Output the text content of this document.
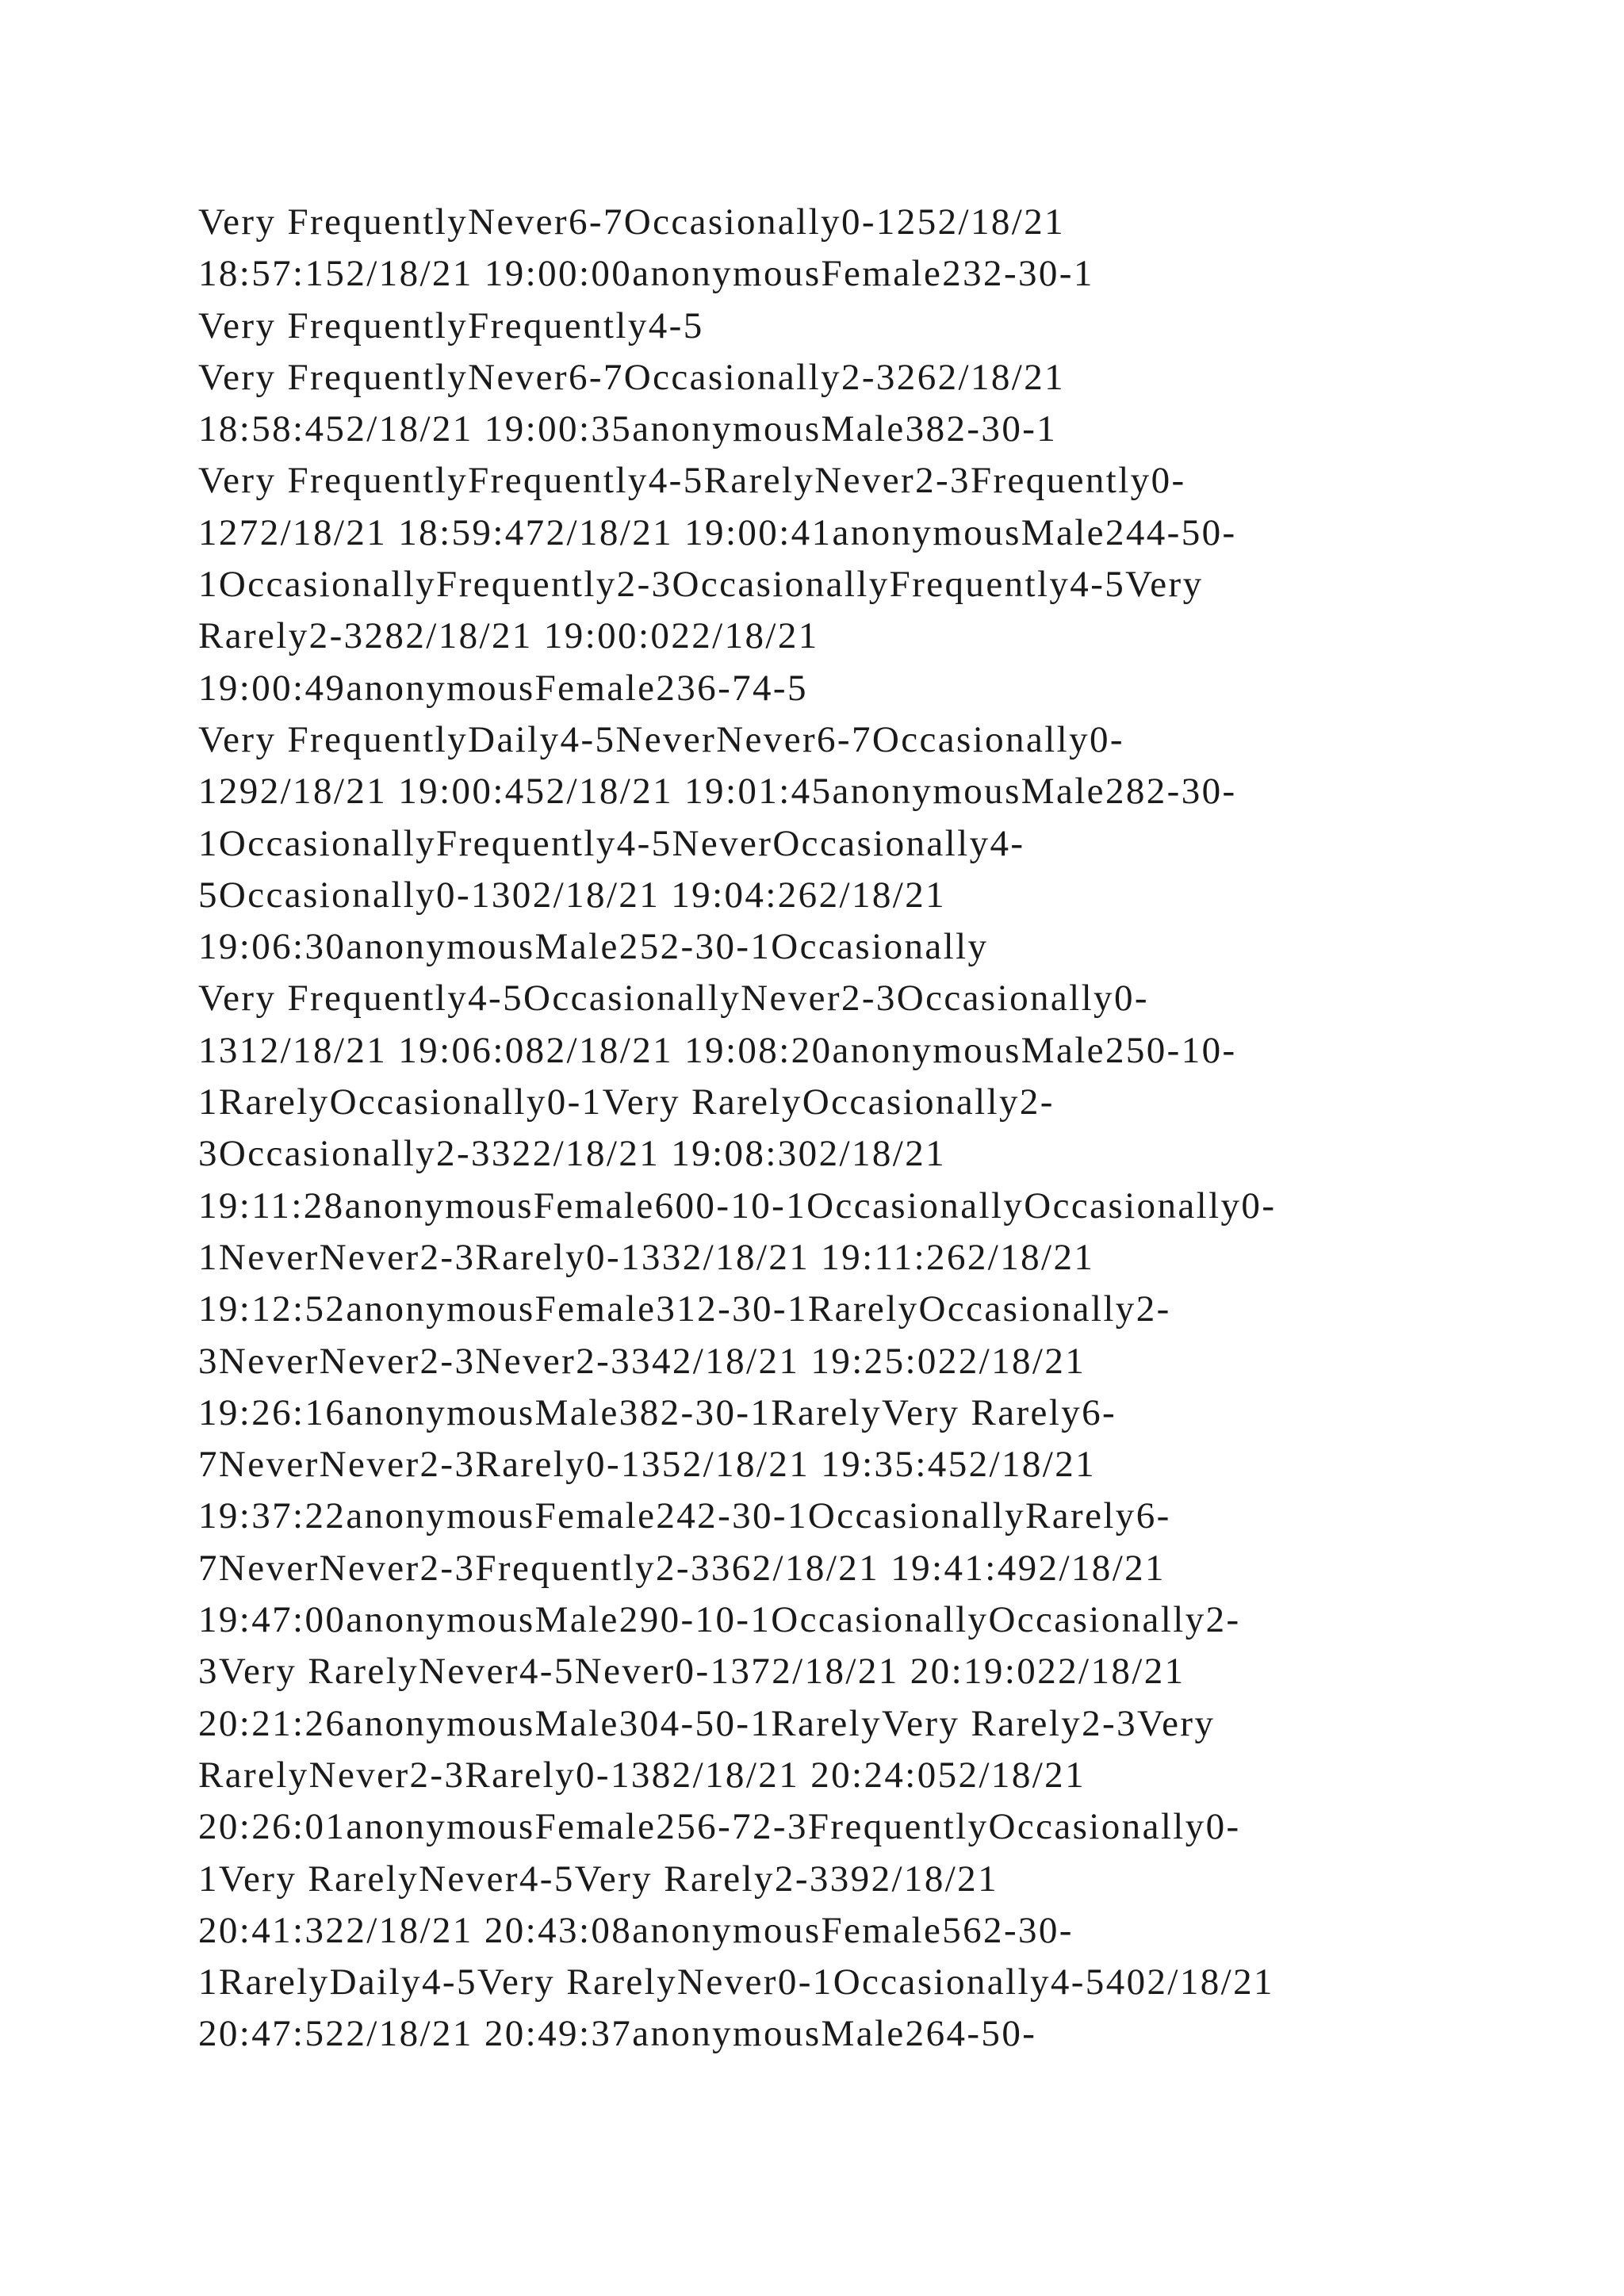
Very FrequentlyNever6-7Occasionally0-1252/18/21
18:57:152/18/21 19:00:00anonymousFemale232-30-1
Very FrequentlyFrequently4-5
Very FrequentlyNever6-7Occasionally2-3262/18/21
18:58:452/18/21 19:00:35anonymousMale382-30-1
Very FrequentlyFrequently4-5RarelyNever2-3Frequently0-
1272/18/21 18:59:472/18/21 19:00:41anonymousMale244-50-
1OccasionallyFrequently2-3OccasionallyFrequently4-5Very
Rarely2-3282/18/21 19:00:022/18/21
19:00:49anonymousFemale236-74-5
Very FrequentlyDaily4-5NeverNever6-7Occasionally0-
1292/18/21 19:00:452/18/21 19:01:45anonymousMale282-30-
1OccasionallyFrequently4-5NeverOccasionally4-
5Occasionally0-1302/18/21 19:04:262/18/21
19:06:30anonymousMale252-30-1Occasionally
Very Frequently4-5OccasionallyNever2-3Occasionally0-
1312/18/21 19:06:082/18/21 19:08:20anonymousMale250-10-
1RarelyOccasionally0-1Very RarelyOccasionally2-
3Occasionally2-3322/18/21 19:08:302/18/21
19:11:28anonymousFemale600-10-1OccasionallyOccasionally0-
1NeverNever2-3Rarely0-1332/18/21 19:11:262/18/21
19:12:52anonymousFemale312-30-1RarelyOccasionally2-
3NeverNever2-3Never2-3342/18/21 19:25:022/18/21
19:26:16anonymousMale382-30-1RarelyVery Rarely6-
7NeverNever2-3Rarely0-1352/18/21 19:35:452/18/21
19:37:22anonymousFemale242-30-1OccasionallyRarely6-
7NeverNever2-3Frequently2-3362/18/21 19:41:492/18/21
19:47:00anonymousMale290-10-1OccasionallyOccasionally2-
3Very RarelyNever4-5Never0-1372/18/21 20:19:022/18/21
20:21:26anonymousMale304-50-1RarelyVery Rarely2-3Very
RarelyNever2-3Rarely0-1382/18/21 20:24:052/18/21
20:26:01anonymousFemale256-72-3FrequentlyOccasionally0-
1Very RarelyNever4-5Very Rarely2-3392/18/21
20:41:322/18/21 20:43:08anonymousFemale562-30-
1RarelyDaily4-5Very RarelyNever0-1Occasionally4-5402/18/21
20:47:522/18/21 20:49:37anonymousMale264-50-
